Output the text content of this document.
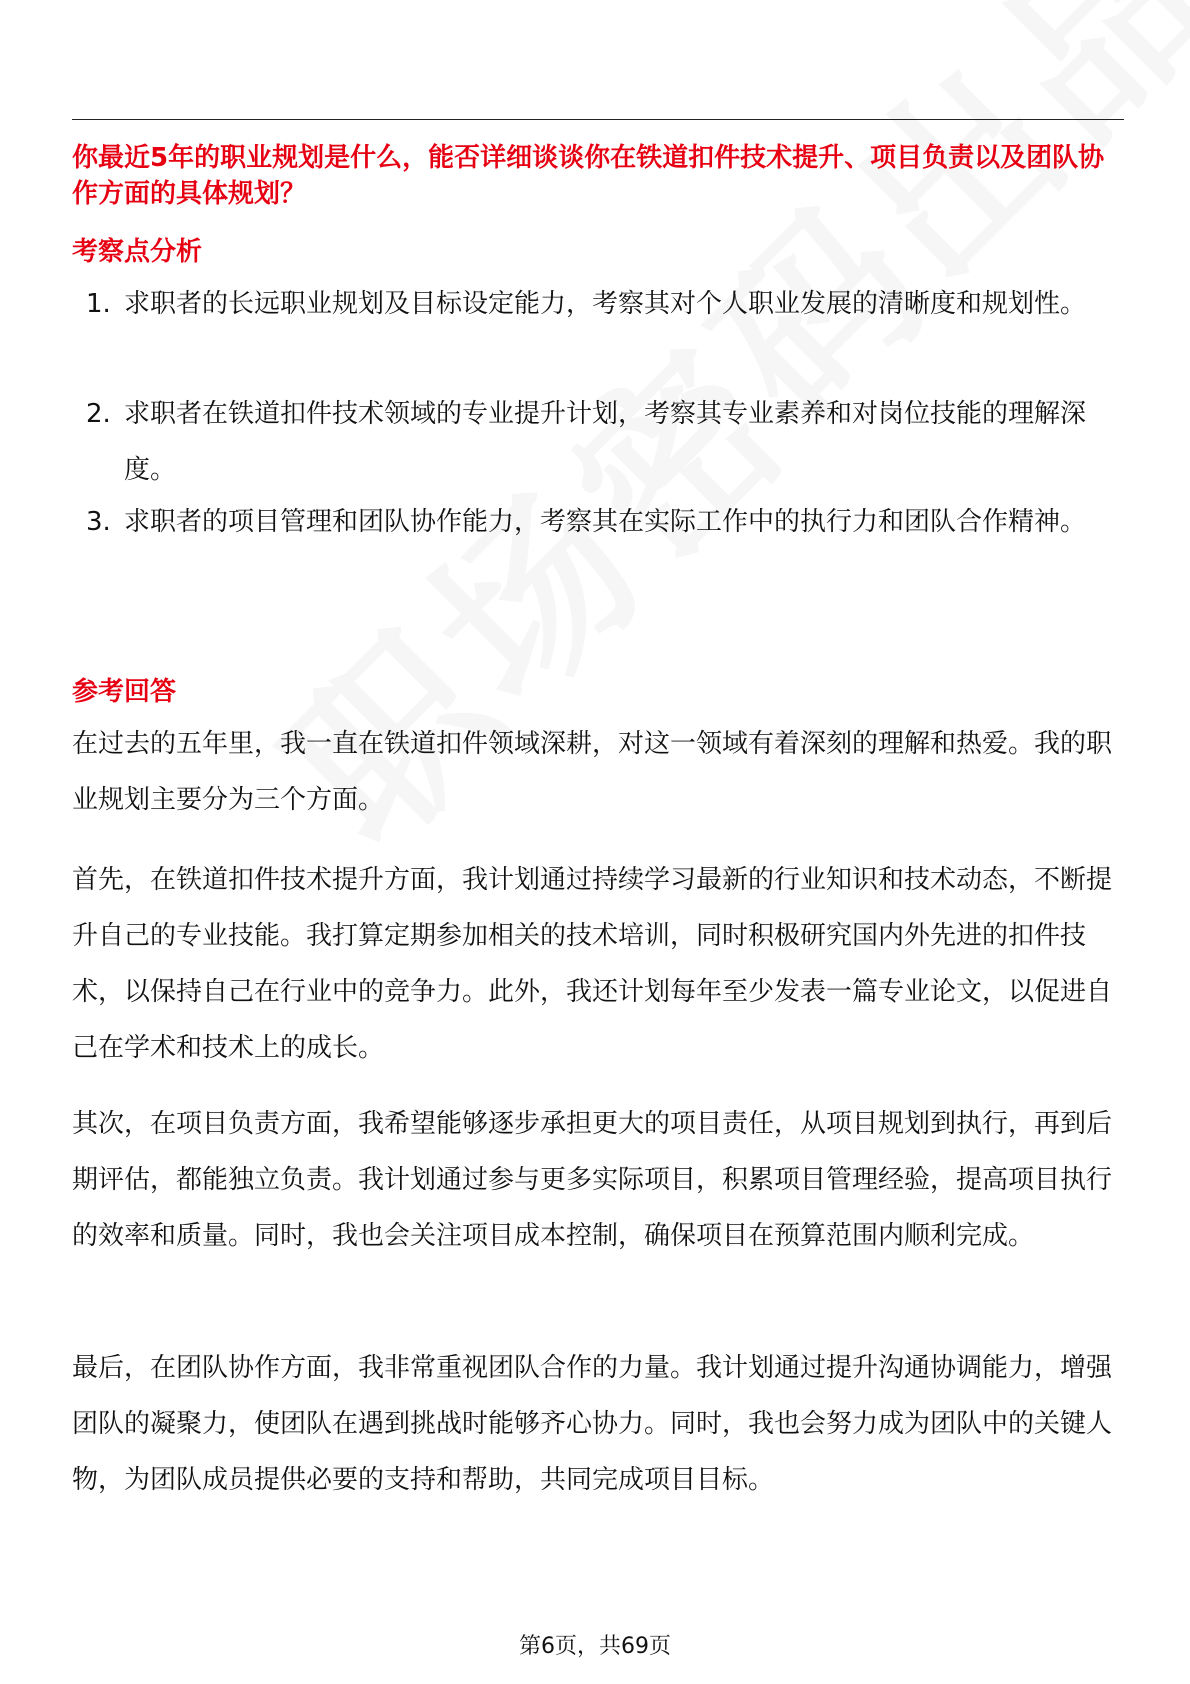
你最近5年的职业规划是什么，能否详细谈谈你在铁道扣件技术提升、项目负责以及团队协作方面的具体规划？
考察点分析
1. 求职者的长远职业规划及目标设定能力，考察其对个人职业发展的清晰度和规划性。
2. 求职者在铁道扣件技术领域的专业提升计划，考察其专业素养和对岗位技能的理解深度。
3. 求职者的项目管理和团队协作能力，考察其在实际工作中的执行力和团队合作精神。
参考回答

在过去的五年里，我一直在铁道扣件领域深耕，对这一领域有着深刻的理解和热爱。我的职业规划主要分为三个方面。

首先，在铁道扣件技术提升方面，我计划通过持续学习最新的行业知识和技术动态，不断提升自己的专业技能。我打算定期参加相关的技术培训，同时积极研究国内外先进的扣件技术，以保持自己在行业中的竞争力。此外，我还计划每年至少发表一篇专业论文，以促进自己在学术和技术上的成长。

其次，在项目负责方面，我希望能够逐步承担更大的项目责任，从项目规划到执行，再到后期评估，都能独立负责。我计划通过参与更多实际项目，积累项目管理经验，提高项目执行的效率和质量。同时，我也会关注项目成本控制，确保项目在预算范围内顺利完成。

最后，在团队协作方面，我非常重视团队合作的力量。我计划通过提升沟通协调能力，增强团队的凝聚力，使团队在遇到挑战时能够齐心协力。同时，我也会努力成为团队中的关键人物，为团队成员提供必要的支持和帮助，共同完成项目目标。

第6页，共69页
